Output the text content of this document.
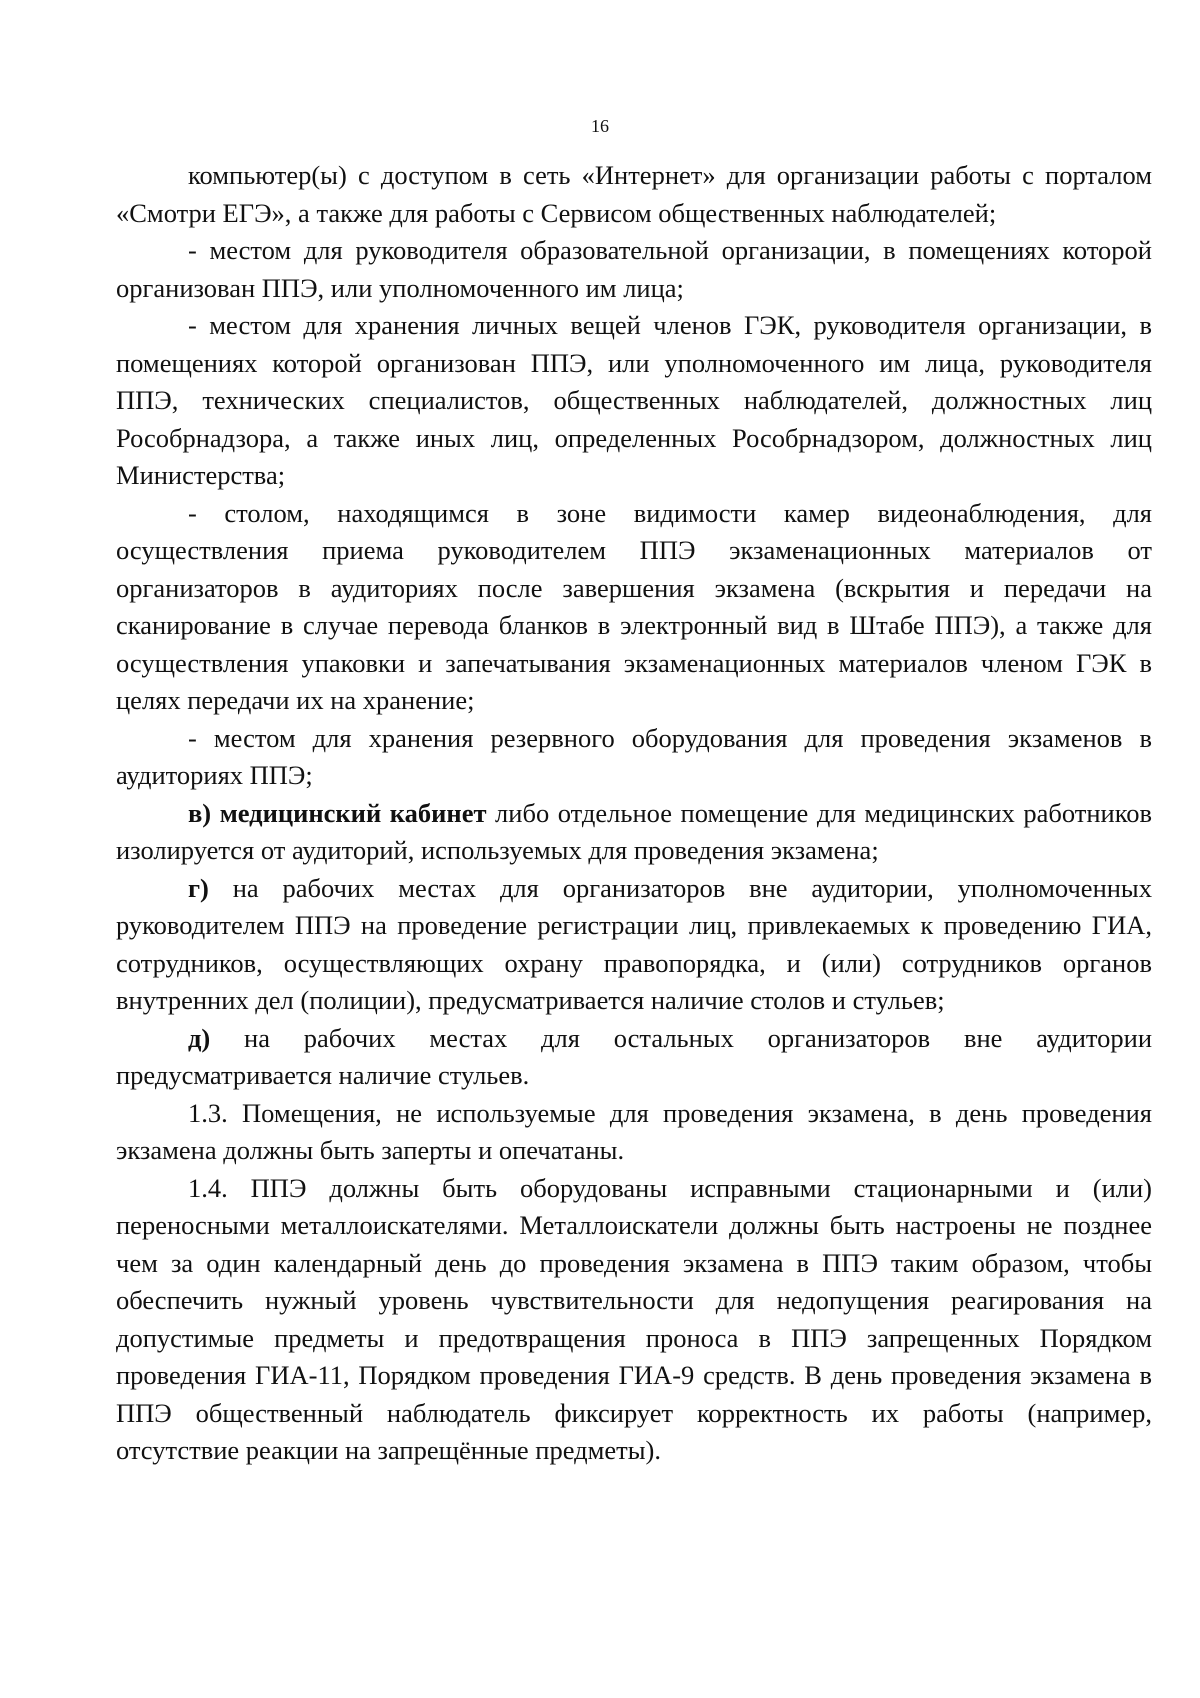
16

компьютер(ы) с доступом в сеть «Интернет» для организации работы с порталом «Смотри ЕГЭ», а также для работы с Сервисом общественных наблюдателей;

- местом для руководителя образовательной организации, в помещениях которой организован ППЭ, или уполномоченного им лица;

- местом для хранения личных вещей членов ГЭК, руководителя организации, в помещениях которой организован ППЭ, или уполномоченного им лица, руководителя ППЭ, технических специалистов, общественных наблюдателей, должностных лиц Рособрнадзора, а также иных лиц, определенных Рособрнадзором, должностных лиц Министерства;

- столом, находящимся в зоне видимости камер видеонаблюдения, для осуществления приема руководителем ППЭ экзаменационных материалов от организаторов в аудиториях после завершения экзамена (вскрытия и передачи на сканирование в случае перевода бланков в электронный вид в Штабе ППЭ), а также для осуществления упаковки и запечатывания экзаменационных материалов членом ГЭК в целях передачи их на хранение;

- местом для хранения резервного оборудования для проведения экзаменов в аудиториях ППЭ;

в) медицинский кабинет либо отдельное помещение для медицинских работников изолируется от аудиторий, используемых для проведения экзамена;

г) на рабочих местах для организаторов вне аудитории, уполномоченных руководителем ППЭ на проведение регистрации лиц, привлекаемых к проведению ГИА, сотрудников, осуществляющих охрану правопорядка, и (или) сотрудников органов внутренних дел (полиции), предусматривается наличие столов и стульев;

д) на рабочих местах для остальных организаторов вне аудитории предусматривается наличие стульев.

1.3. Помещения, не используемые для проведения экзамена, в день проведения экзамена должны быть заперты и опечатаны.

1.4. ППЭ должны быть оборудованы исправными стационарными и (или) переносными металлоискателями. Металлоискатели должны быть настроены не позднее чем за один календарный день до проведения экзамена в ППЭ таким образом, чтобы обеспечить нужный уровень чувствительности для недопущения реагирования на допустимые предметы и предотвращения проноса в ППЭ запрещенных Порядком проведения ГИА-11, Порядком проведения ГИА-9 средств. В день проведения экзамена в ППЭ общественный наблюдатель фиксирует корректность их работы (например, отсутствие реакции на запрещённые предметы).
